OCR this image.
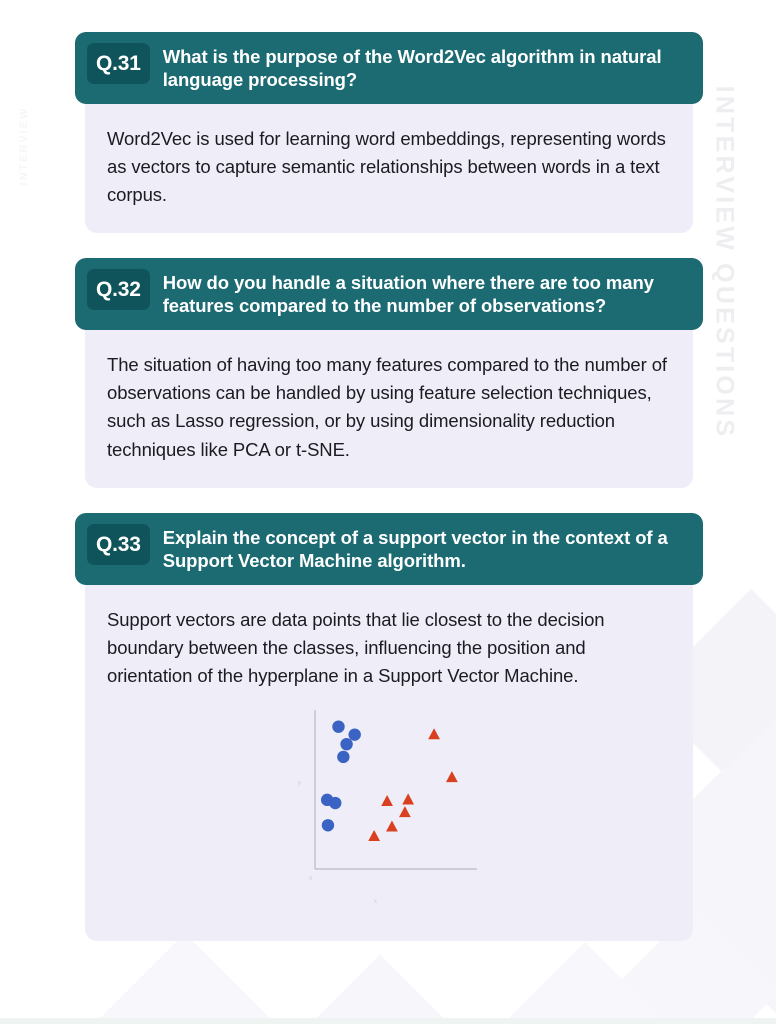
INTERVIEW QUESTIONS
INTERVIEW
Q.31	What is the purpose of the Word2Vec algorithm in natural language processing?
Word2Vec is used for learning word embeddings, representing words as vectors to capture semantic relationships between words in a text corpus.
Q.32	How do you handle a situation where there are too many features compared to the number of observations?
The situation of having too many features compared to the number of observations can be handled by using feature selection techniques, such as Lasso regression, or by using dimensionality reduction techniques like PCA or t-SNE.
Q.33	Explain the concept of a support vector in the context of a Support Vector Machine algorithm.
Support vectors are data points that lie closest to the decision boundary between the classes, influencing the position and orientation of the hyperplane in a Support Vector Machine.
0
x
y
